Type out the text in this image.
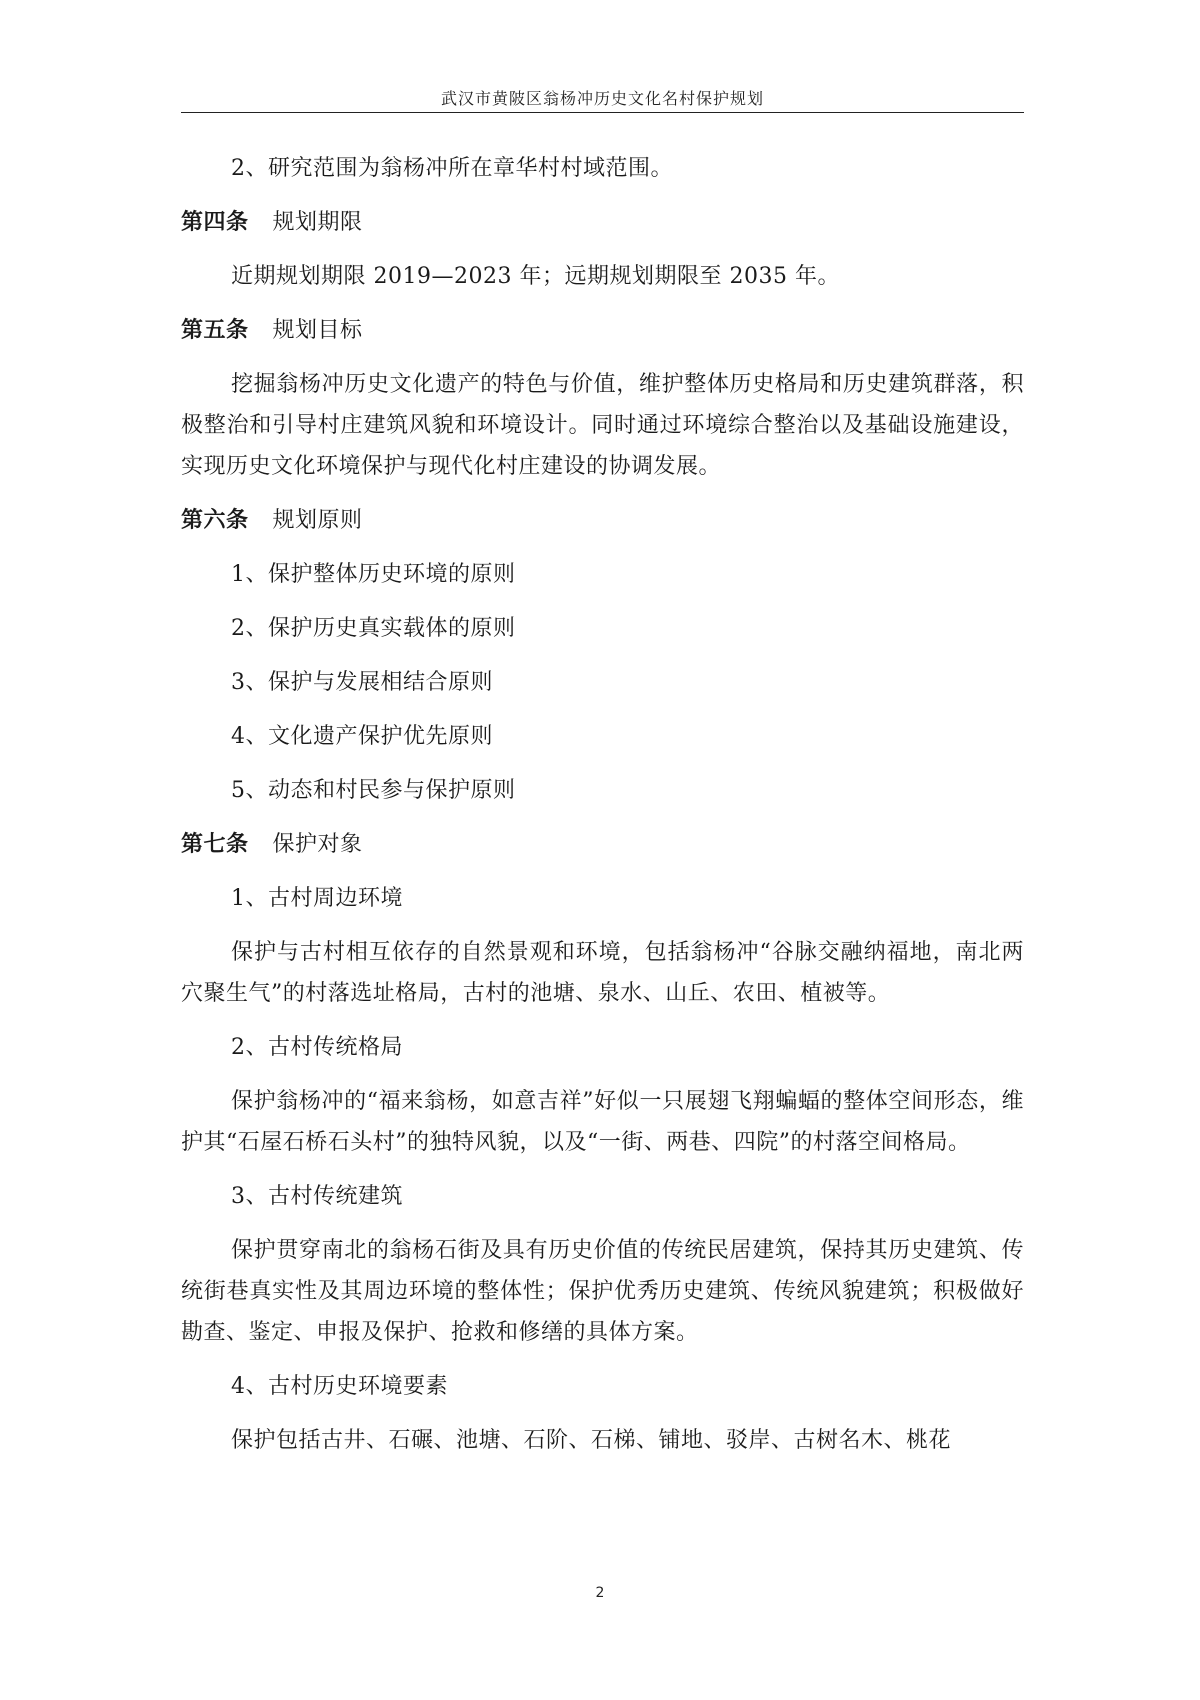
武汉市黄陂区翁杨冲历史文化名村保护规划

2、研究范围为翁杨冲所在章华村村域范围。

第四条 规划期限

近期规划期限 2019—2023 年；远期规划期限至 2035 年。

第五条 规划目标

挖掘翁杨冲历史文化遗产的特色与价值，维护整体历史格局和历史建筑群落，积极整治和引导村庄建筑风貌和环境设计。同时通过环境综合整治以及基础设施建设，实现历史文化环境保护与现代化村庄建设的协调发展。

第六条 规划原则

1、保护整体历史环境的原则

2、保护历史真实载体的原则

3、保护与发展相结合原则

4、文化遗产保护优先原则

5、动态和村民参与保护原则

第七条 保护对象

1、古村周边环境

保护与古村相互依存的自然景观和环境，包括翁杨冲“谷脉交融纳福地，南北两穴聚生气”的村落选址格局，古村的池塘、泉水、山丘、农田、植被等。

2、古村传统格局

保护翁杨冲的“福来翁杨，如意吉祥”好似一只展翅飞翔蝙蝠的整体空间形态，维护其“石屋石桥石头村”的独特风貌，以及“一街、两巷、四院”的村落空间格局。

3、古村传统建筑

保护贯穿南北的翁杨石街及具有历史价值的传统民居建筑，保持其历史建筑、传统街巷真实性及其周边环境的整体性；保护优秀历史建筑、传统风貌建筑；积极做好勘查、鉴定、申报及保护、抢救和修缮的具体方案。

4、古村历史环境要素

保护包括古井、石碾、池塘、石阶、石梯、铺地、驳岸、古树名木、桃花

2
